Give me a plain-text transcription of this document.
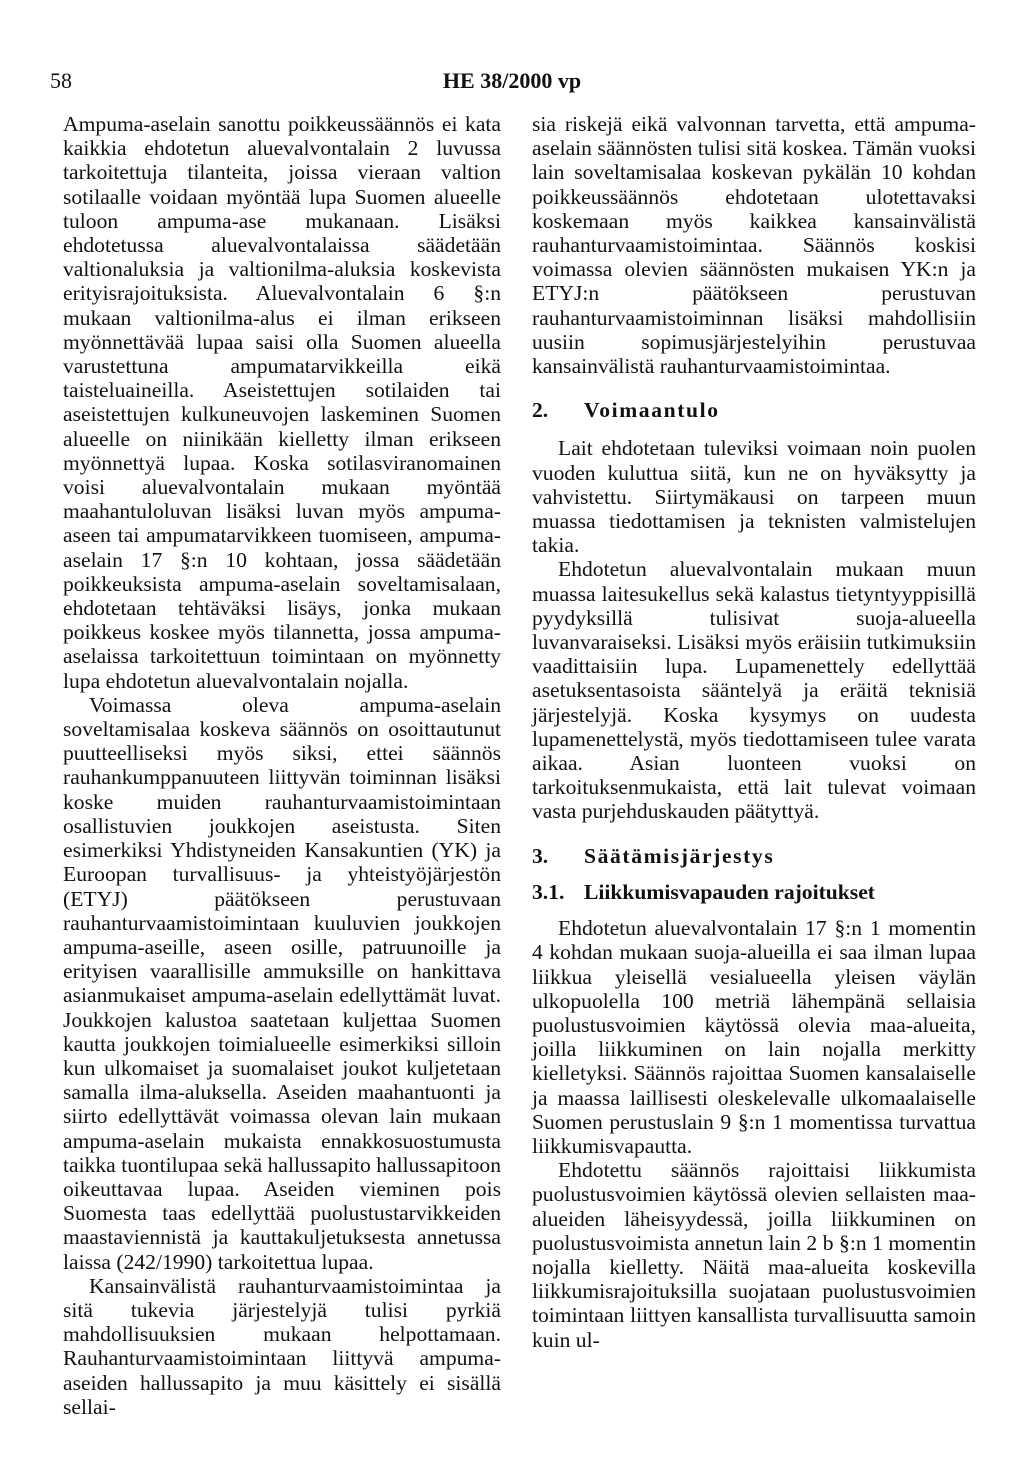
58	HE 38/2000 vp

Ampuma-aselain sanottu poikkeussäännös ei kata kaikkia ehdotetun aluevalvontalain 2 luvussa tarkoitettuja tilanteita, joissa vieraan valtion sotilaalle voidaan myöntää lupa Suomen alueelle tuloon ampuma-ase mukanaan. Lisäksi ehdotetussa aluevalvontalaissa säädetään valtionaluksia ja valtionilma-aluksia koskevista erityisrajoituksista. Aluevalvontalain 6 §:n mukaan valtionilma-alus ei ilman erikseen myönnettävää lupaa saisi olla Suomen alueella varustettuna ampumatarvikkeilla eikä taisteluaineilla. Aseistettujen sotilaiden tai aseistettujen kulkuneuvojen laskeminen Suomen alueelle on niinikään kielletty ilman erikseen myönnettyä lupaa. Koska sotilasviranomainen voisi aluevalvontalain mukaan myöntää maahantuloluvan lisäksi luvan myös ampuma-aseen tai ampumatarvikkeen tuomiseen, ampuma-aselain 17 §:n 10 kohtaan, jossa säädetään poikkeuksista ampuma-aselain soveltamisalaan, ehdotetaan tehtäväksi lisäys, jonka mukaan poikkeus koskee myös tilannetta, jossa ampuma-aselaissa tarkoitettuun toimintaan on myönnetty lupa ehdotetun aluevalvontalain nojalla.

Voimassa oleva ampuma-aselain soveltamisalaa koskeva säännös on osoittautunut puutteelliseksi myös siksi, ettei säännös rauhankumppanuuteen liittyvän toiminnan lisäksi koske muiden rauhanturvaamistoimintaan osallistuvien joukkojen aseistusta. Siten esimerkiksi Yhdistyneiden Kansakuntien (YK) ja Euroopan turvallisuus- ja yhteistyöjärjestön (ETYJ) päätökseen perustuvaan rauhanturvaamistoimintaan kuuluvien joukkojen ampuma-aseille, aseen osille, patruunoille ja erityisen vaarallisille ammuksille on hankittava asianmukaiset ampuma-aselain edellyttämät luvat. Joukkojen kalustoa saatetaan kuljettaa Suomen kautta joukkojen toimialueelle esimerkiksi silloin kun ulkomaiset ja suomalaiset joukot kuljetetaan samalla ilma-aluksella. Aseiden maahantuonti ja siirto edellyttävät voimassa olevan lain mukaan ampuma-aselain mukaista ennakkosuostumusta taikka tuontilupaa sekä hallussapito hallussapitoon oikeuttavaa lupaa. Aseiden vieminen pois Suomesta taas edellyttää puolustustarvikkeiden maastaviennistä ja kauttakuljetuksesta annetussa laissa (242/1990) tarkoitettua lupaa.

Kansainvälistä rauhanturvaamistoimintaa ja sitä tukevia järjestelyjä tulisi pyrkiä mahdollisuuksien mukaan helpottamaan. Rauhanturvaamistoimintaan liittyvä ampuma-aseiden hallussapito ja muu käsittely ei sisällä sellai-

sia riskejä eikä valvonnan tarvetta, että ampuma-aselain säännösten tulisi sitä koskea. Tämän vuoksi lain soveltamisalaa koskevan pykälän 10 kohdan poikkeussäännös ehdotetaan ulotettavaksi koskemaan myös kaikkea kansainvälistä rauhanturvaamistoimintaa. Säännös koskisi voimassa olevien säännösten mukaisen YK:n ja ETYJ:n päätökseen perustuvan rauhanturvaamistoiminnan lisäksi mahdollisiin uusiin sopimusjärjestelyihin perustuvaa kansainvälistä rauhanturvaamistoimintaa.

2. Voimaantulo

Lait ehdotetaan tuleviksi voimaan noin puolen vuoden kuluttua siitä, kun ne on hyväksytty ja vahvistettu. Siirtymäkausi on tarpeen muun muassa tiedottamisen ja teknisten valmistelujen takia.

Ehdotetun aluevalvontalain mukaan muun muassa laitesukellus sekä kalastus tietyntyyppisillä pyydyksillä tulisivat suoja-alueella luvanvaraiseksi. Lisäksi myös eräisiin tutkimuksiin vaadittaisiin lupa. Lupamenettely edellyttää asetuksentasoista sääntelyä ja eräitä teknisiä järjestelyjä. Koska kysymys on uudesta lupamenettelystä, myös tiedottamiseen tulee varata aikaa. Asian luonteen vuoksi on tarkoituksenmukaista, että lait tulevat voimaan vasta purjehduskauden päätyttyä.

3. Säätämisjärjestys
3.1. Liikkumisvapauden rajoitukset

Ehdotetun aluevalvontalain 17 §:n 1 momentin 4 kohdan mukaan suoja-alueilla ei saa ilman lupaa liikkua yleisellä vesialueella yleisen väylän ulkopuolella 100 metriä lähempänä sellaisia puolustusvoimien käytössä olevia maa-alueita, joilla liikkuminen on lain nojalla merkitty kielletyksi. Säännös rajoittaa Suomen kansalaiselle ja maassa laillisesti oleskelevalle ulkomaalaiselle Suomen perustuslain 9 §:n 1 momentissa turvattua liikkumisvapautta.

Ehdotettu säännös rajoittaisi liikkumista puolustusvoimien käytössä olevien sellaisten maa-alueiden läheisyydessä, joilla liikkuminen on puolustusvoimista annetun lain 2 b §:n 1 momentin nojalla kielletty. Näitä maa-alueita koskevilla liikkumisrajoituksilla suojataan puolustusvoimien toimintaan liittyen kansallista turvallisuutta samoin kuin ul-
